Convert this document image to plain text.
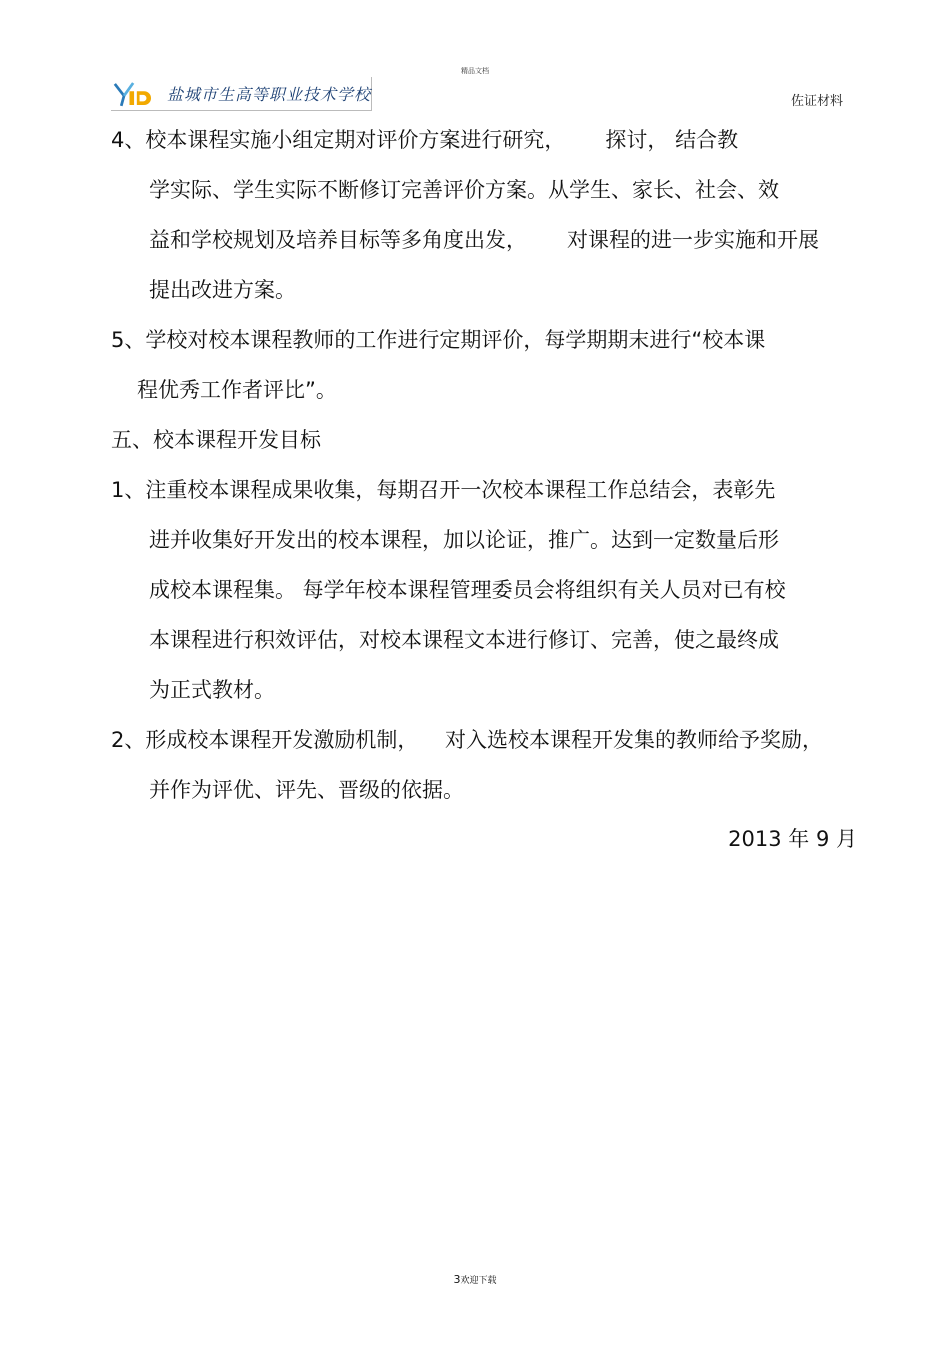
精品文档
盐城市生高等职业技术学校	佐证材料
4、校本课程实施小组定期对评价方案进行研究，      探讨， 结合教
学实际、学生实际不断修订完善评价方案。从学生、家长、社会、效
益和学校规划及培养目标等多角度出发，      对课程的进一步实施和开展
提出改进方案。
5、学校对校本课程教师的工作进行定期评价，每学期期末进行“校本课
程优秀工作者评比”。
五、校本课程开发目标
1、注重校本课程成果收集，每期召开一次校本课程工作总结会，表彰先
进并收集好开发出的校本课程，加以论证，推广。达到一定数量后形
成校本课程集。 每学年校本课程管理委员会将组织有关人员对已有校
本课程进行积效评估，对校本课程文本进行修订、完善，使之最终成
为正式教材。
2、形成校本课程开发激励机制，    对入选校本课程开发集的教师给予奖励，
并作为评优、评先、晋级的依据。
2013 年 9 月
3欢迎下载
